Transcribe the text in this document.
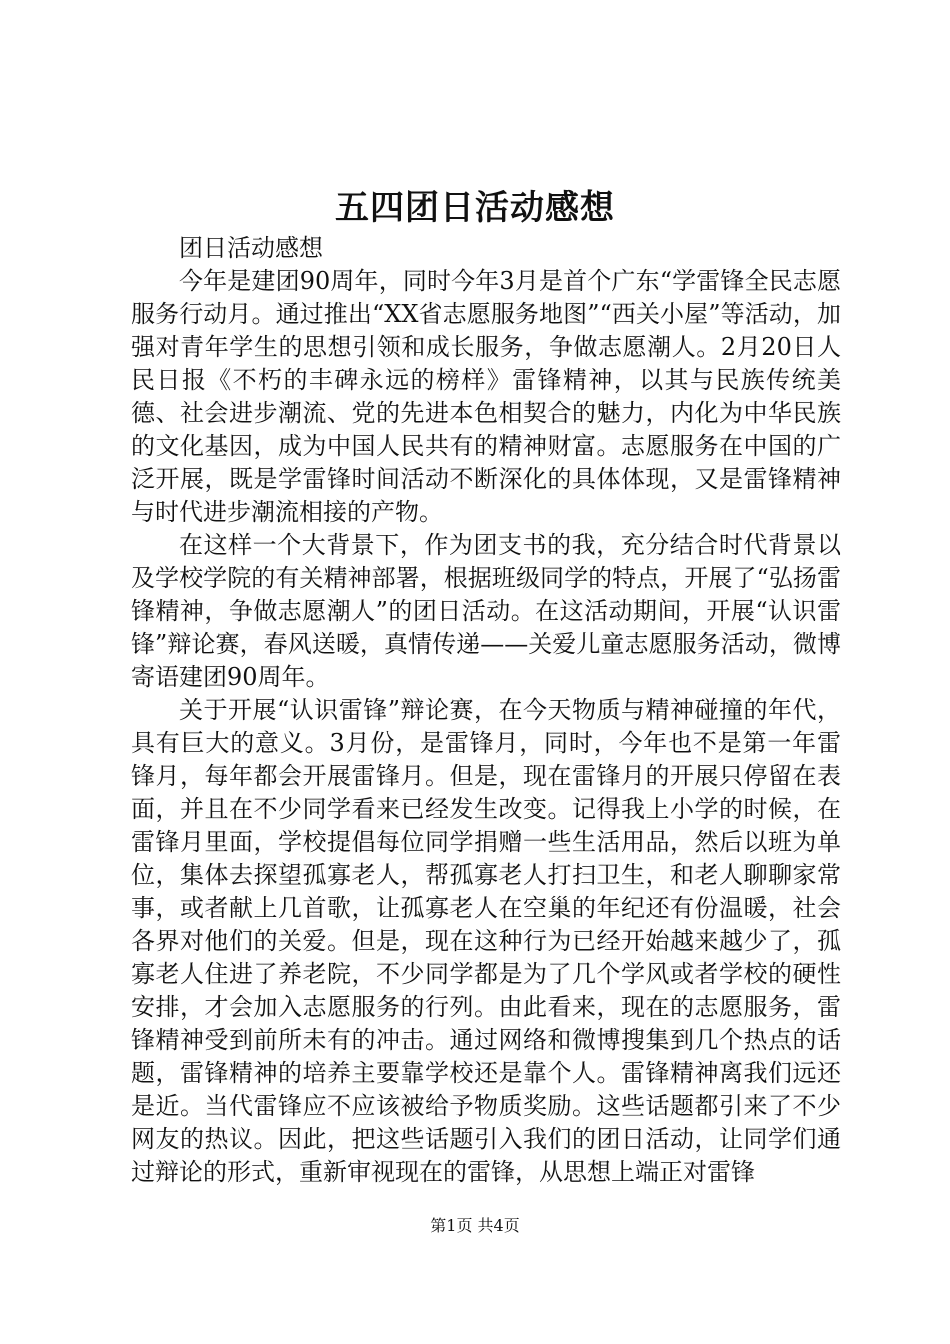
五四团日活动感想

团日活动感想

今年是建团90周年，同时今年3月是首个广东“学雷锋全民志愿服务行动月。通过推出“XX省志愿服务地图”“西关小屋”等活动，加强对青年学生的思想引领和成长服务，争做志愿潮人。2月20日人民日报《不朽的丰碑永远的榜样》雷锋精神，以其与民族传统美德、社会进步潮流、党的先进本色相契合的魅力，内化为中华民族的文化基因，成为中国人民共有的精神财富。志愿服务在中国的广泛开展，既是学雷锋时间活动不断深化的具体体现，又是雷锋精神与时代进步潮流相接的产物。

在这样一个大背景下，作为团支书的我，充分结合时代背景以及学校学院的有关精神部署，根据班级同学的特点，开展了“弘扬雷锋精神，争做志愿潮人”的团日活动。在这活动期间，开展“认识雷锋”辩论赛，春风送暖，真情传递——关爱儿童志愿服务活动，微博寄语建团90周年。

关于开展“认识雷锋”辩论赛，在今天物质与精神碰撞的年代，具有巨大的意义。3月份，是雷锋月，同时，今年也不是第一年雷锋月，每年都会开展雷锋月。但是，现在雷锋月的开展只停留在表面，并且在不少同学看来已经发生改变。记得我上小学的时候，在雷锋月里面，学校提倡每位同学捐赠一些生活用品，然后以班为单位，集体去探望孤寡老人，帮孤寡老人打扫卫生，和老人聊聊家常事，或者献上几首歌，让孤寡老人在空巢的年纪还有份温暖，社会各界对他们的关爱。但是，现在这种行为已经开始越来越少了，孤寡老人住进了养老院，不少同学都是为了几个学风或者学校的硬性安排，才会加入志愿服务的行列。由此看来，现在的志愿服务，雷锋精神受到前所未有的冲击。通过网络和微博搜集到几个热点的话题，雷锋精神的培养主要靠学校还是靠个人。雷锋精神离我们远还是近。当代雷锋应不应该被给予物质奖励。这些话题都引来了不少网友的热议。因此，把这些话题引入我们的团日活动，让同学们通过辩论的形式，重新审视现在的雷锋，从思想上端正对雷锋

第1页 共4页
